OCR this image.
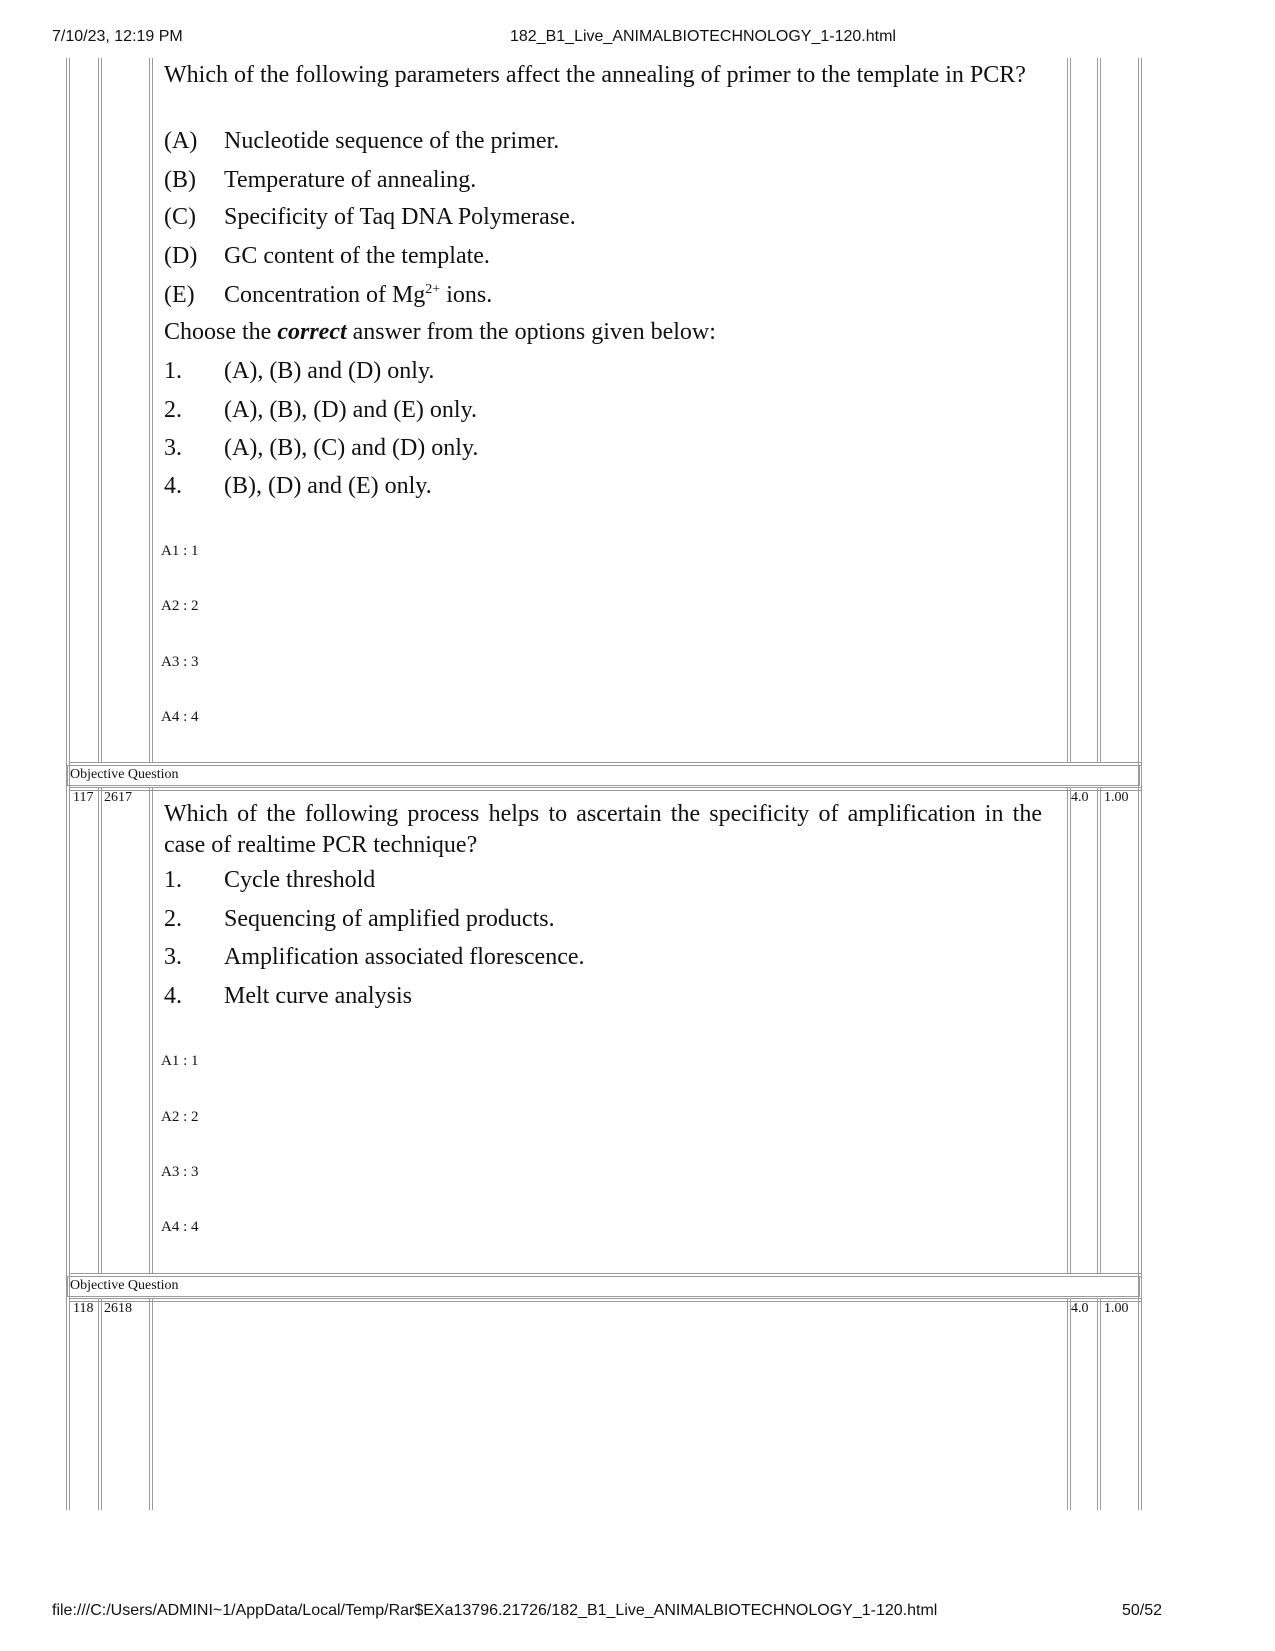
7/10/23, 12:19 PM	182_B1_Live_ANIMALBIOTECHNOLOGY_1-120.html
Which of the following parameters affect the annealing of primer to the template in PCR?
(A) Nucleotide sequence of the primer.
(B) Temperature of annealing.
(C) Specificity of Taq DNA Polymerase.
(D) GC content of the template.
(E) Concentration of $Mg^{2+}$ ions.
Choose the correct answer from the options given below:
1. (A), (B) and (D) only.
2. (A), (B), (D) and (E) only.
3. (A), (B), (C) and (D) only.
4. (B), (D) and (E) only.
A1 : 1
A2 : 2
A3 : 3
A4 : 4
Objective Question
117 2617	4.0 1.00
Which of the following process helps to ascertain the specificity of amplification in the case of realtime PCR technique?
1. Cycle threshold
2. Sequencing of amplified products.
3. Amplification associated florescence.
4. Melt curve analysis
A1 : 1
A2 : 2
A3 : 3
A4 : 4
Objective Question
118 2618	4.0 1.00
file:///C:/Users/ADMINI~1/AppData/Local/Temp/Rar$EXa13796.21726/182_B1_Live_ANIMALBIOTECHNOLOGY_1-120.html	50/52
